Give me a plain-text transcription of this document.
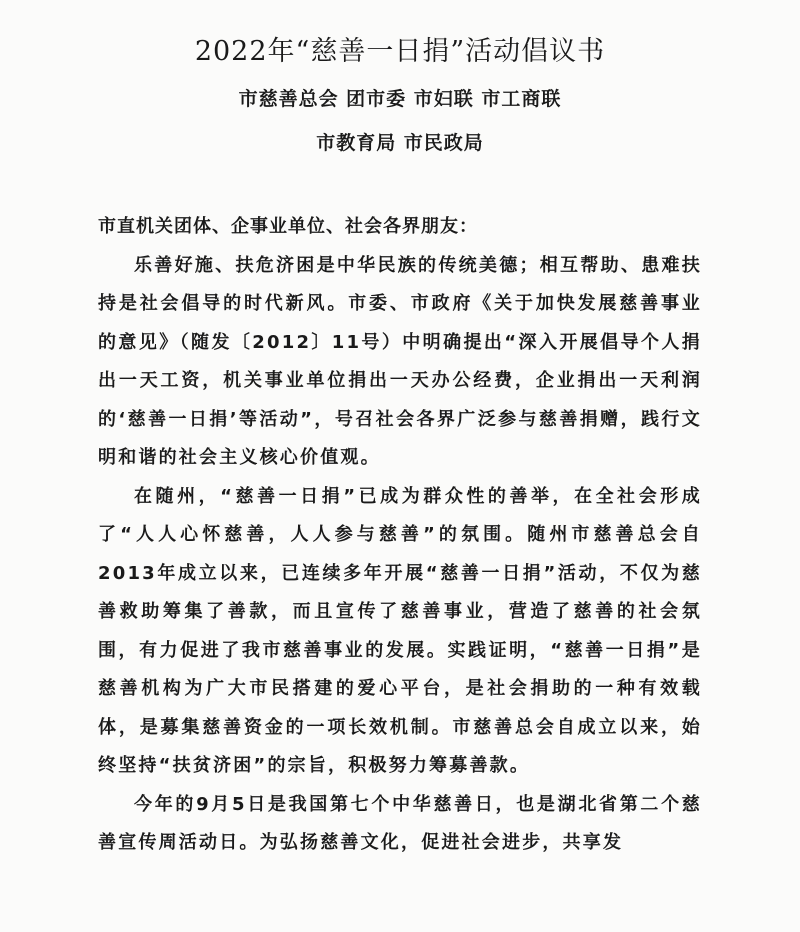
2022年“慈善一日捐”活动倡议书
市慈善总会 团市委 市妇联 市工商联
市教育局 市民政局

市直机关团体、企事业单位、社会各界朋友：

乐善好施、扶危济困是中华民族的传统美德；相互帮助、患难扶持是社会倡导的时代新风。市委、市政府《关于加快发展慈善事业的意见》（随发〔2012〕11号）中明确提出“深入开展倡导个人捐出一天工资，机关事业单位捐出一天办公经费，企业捐出一天利润的‘慈善一日捐’等活动”，号召社会各界广泛参与慈善捐赠，践行文明和谐的社会主义核心价值观。

在随州，“慈善一日捐”已成为群众性的善举，在全社会形成了“人人心怀慈善，人人参与慈善”的氛围。随州市慈善总会自2013年成立以来，已连续多年开展“慈善一日捐”活动，不仅为慈善救助筹集了善款，而且宣传了慈善事业，营造了慈善的社会氛围，有力促进了我市慈善事业的发展。实践证明，“慈善一日捐”是慈善机构为广大市民搭建的爱心平台，是社会捐助的一种有效载体，是募集慈善资金的一项长效机制。市慈善总会自成立以来，始终坚持“扶贫济困”的宗旨，积极努力筹募善款。

今年的9月5日是我国第七个中华慈善日，也是湖北省第二个慈善宣传周活动日。为弘扬慈善文化，促进社会进步，共享发
